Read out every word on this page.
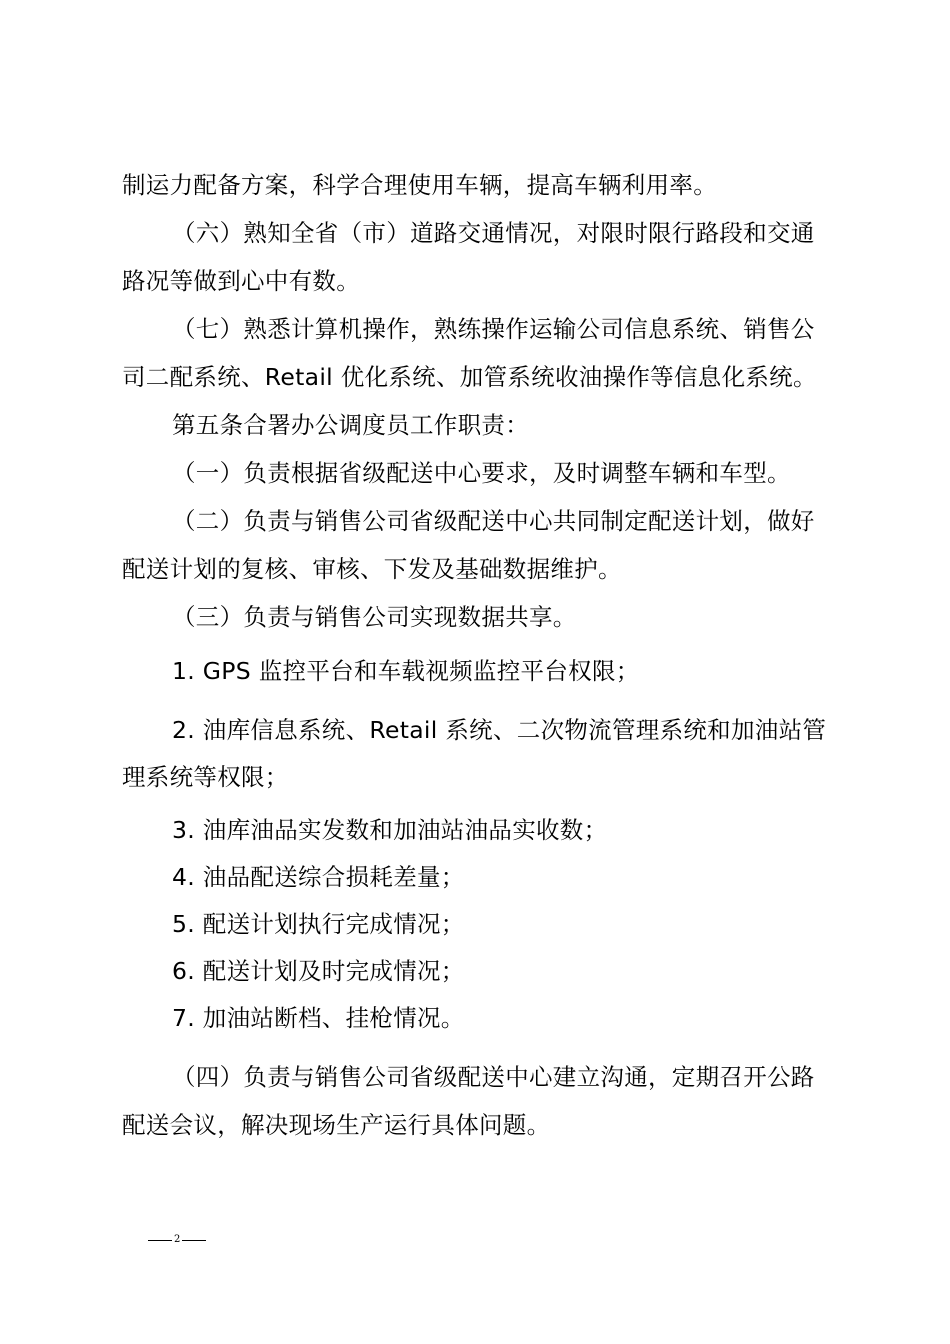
制运力配备方案，科学合理使用车辆，提高车辆利用率。
（六）熟知全省（市）道路交通情况，对限时限行路段和交通
路况等做到心中有数。
（七）熟悉计算机操作，熟练操作运输公司信息系统、销售公
司二配系统、Retail 优化系统、加管系统收油操作等信息化系统。
第五条合署办公调度员工作职责：
（一）负责根据省级配送中心要求，及时调整车辆和车型。
（二）负责与销售公司省级配送中心共同制定配送计划，做好
配送计划的复核、审核、下发及基础数据维护。
（三）负责与销售公司实现数据共享。
1. GPS 监控平台和车载视频监控平台权限；
2. 油库信息系统、Retail 系统、二次物流管理系统和加油站管
理系统等权限；
3. 油库油品实发数和加油站油品实收数；
4. 油品配送综合损耗差量；
5. 配送计划执行完成情况；
6. 配送计划及时完成情况；
7. 加油站断档、挂枪情况。
（四）负责与销售公司省级配送中心建立沟通，定期召开公路
配送会议，解决现场生产运行具体问题。
2
